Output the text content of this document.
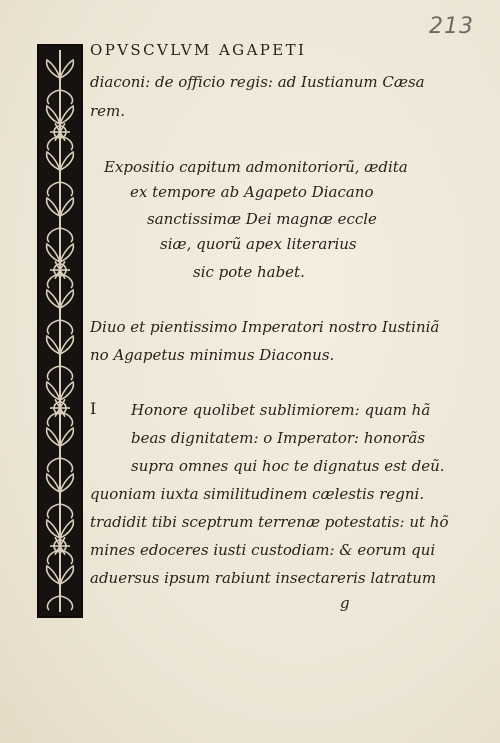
213
OPVSCVLVM AGAPETI
diaconi: de officio regis: ad Iustianum Cæsa
rem.
Expositio capitum admonitoriorũ, ædita
ex tempore ab Agapeto Diacano
sanctissimæ Dei magnæ eccle
siæ, quorũ apex literarius
sic pote habet.
Diuo et pientissimo Imperatori nostro Iustiniã
no Agapetus minimus Diaconus.
I Honore quolibet sublimiorem: quam hã
beas dignitatem: o Imperator: honorãs
supra omnes qui hoc te dignatus est deũ.
quoniam iuxta similitudinem cælestis regni.
tradidit tibi sceptrum terrenæ potestatis: ut hõ
mines edoceres iusti custodiam: & eorum qui
aduersus ipsum rabiunt insectareris latratum
g
